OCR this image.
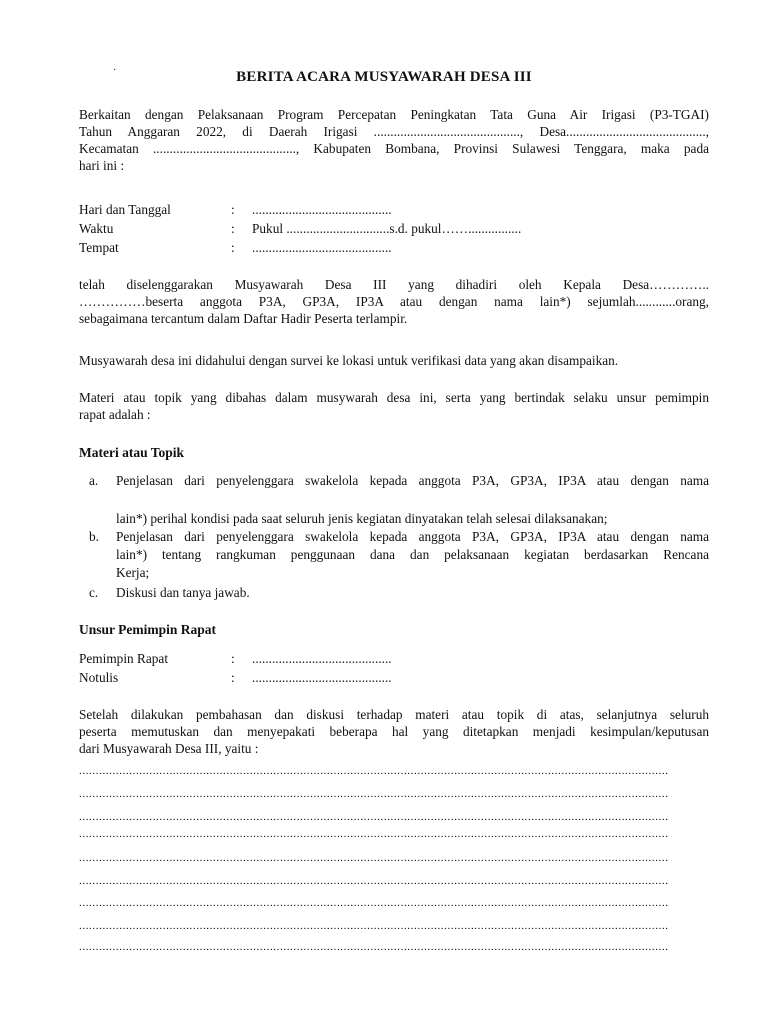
·	BERITA ACARA MUSYAWARAH DESA III
Berkaitan dengan Pelaksanaan Program Percepatan Peningkatan Tata Guna Air Irigasi (P3-TGAI)
Tahun Anggaran 2022, di Daerah Irigasi ............................................, Desa..........................................,
Kecamatan ..........................................., Kabupaten Bombana, Provinsi Sulawesi Tenggara, maka pada
hari ini :
Hari dan Tanggal	: ..........................................
Waktu	: Pukul ...............................s.d. pukul……................
Tempat	: ..........................................
telah diselenggarakan Musyawarah Desa III yang dihadiri oleh Kepala Desa…………..
……………beserta anggota P3A, GP3A, IP3A atau dengan nama lain*) sejumlah............orang,
sebagaimana tercantum dalam Daftar Hadir Peserta terlampir.
Musyawarah desa ini didahului dengan survei ke lokasi untuk verifikasi data yang akan disampaikan.
Materi atau topik yang dibahas dalam musywarah desa ini, serta yang bertindak selaku unsur pemimpin
rapat adalah :
Materi atau Topik
a. Penjelasan dari penyelenggara swakelola kepada anggota P3A, GP3A, IP3A atau dengan nama
lain*) perihal kondisi pada saat seluruh jenis kegiatan dinyatakan telah selesai dilaksanakan;
b. Penjelasan dari penyelenggara swakelola kepada anggota P3A, GP3A, IP3A atau dengan nama
lain*) tentang rangkuman penggunaan dana dan pelaksanaan kegiatan berdasarkan Rencana
Kerja;
c. Diskusi dan tanya jawab.
Unsur Pemimpin Rapat
Pemimpin Rapat	: ..........................................
Notulis	: ..........................................
Setelah dilakukan pembahasan dan diskusi terhadap materi atau topik di atas, selanjutnya seluruh
peserta memutuskan dan menyepakati beberapa hal yang ditetapkan menjadi kesimpulan/keputusan
dari Musyawarah Desa III, yaitu :
................................................................................................................................................................................
................................................................................................................................................................................
................................................................................................................................................................................
................................................................................................................................................................................
................................................................................................................................................................................
................................................................................................................................................................................
................................................................................................................................................................................
................................................................................................................................................................................
................................................................................................................................................................................
